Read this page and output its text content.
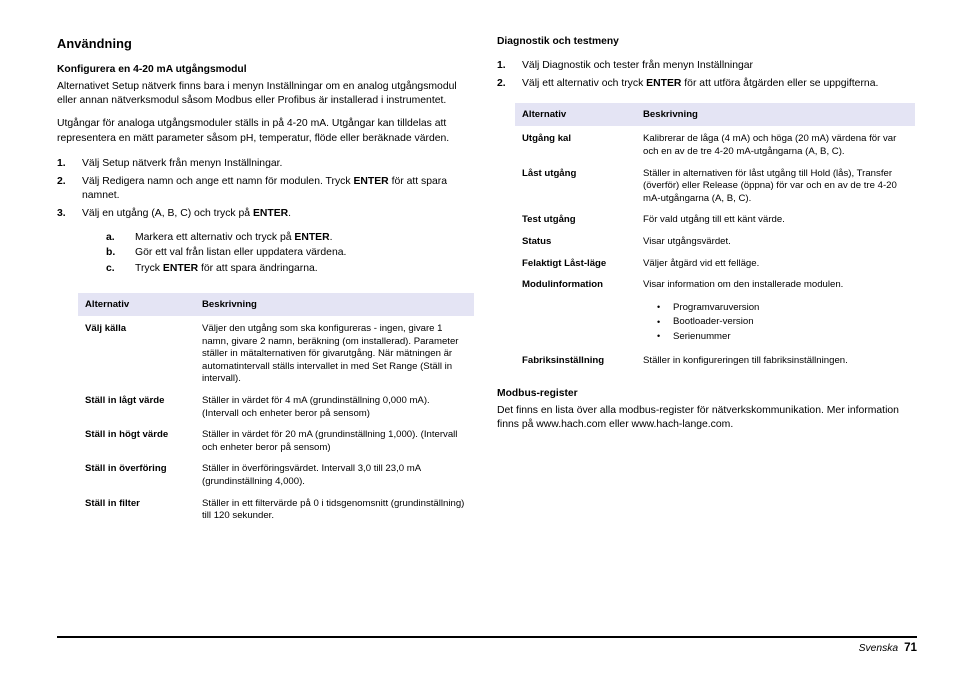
Användning
Konfigurera en 4-20 mA utgångsmodul

Alternativet Setup nätverk finns bara i menyn Inställningar om en analog utgångsmodul eller annan nätverksmodul såsom Modbus eller Profibus är installerad i instrumentet.

Utgångar för analoga utgångsmoduler ställs in på 4-20 mA. Utgångar kan tilldelas att representera en mätt parameter såsom pH, temperatur, flöde eller beräknade värden.

1.	Välj Setup nätverk från menyn Inställningar.
2.	Välj Redigera namn och ange ett namn för modulen. Tryck ENTER för att spara namnet.
3.	Välj en utgång (A, B, C) och tryck på ENTER.
a. Markera ett alternativ och tryck på ENTER.
b. Gör ett val från listan eller uppdatera värdena.
c. Tryck ENTER för att spara ändringarna.
Alternativ	Beskrivning
Välj källa	Väljer den utgång som ska konfigureras - ingen, givare 1 namn, givare 2 namn, beräkning (om installerad). Parameter ställer in mätalternativen för givarutgång. När mätningen är automatintervall ställs intervallet in med Set Range (Ställ in intervall).
Ställ in lågt värde	Ställer in värdet för 4 mA (grundinställning 0,000 mA). (Intervall och enheter beror på sensom)
Ställ in högt värde	Ställer in värdet för 20 mA (grundinställning 1,000). (Intervall och enheter beror på sensom)
Ställ in överföring	Ställer in överföringsvärdet. Intervall 3,0 till 23,0 mA (grundinställning 4,000).
Ställ in filter	Ställer in ett filtervärde på 0 i tidsgenomsnitt (grundinställning) till 120 sekunder.
Diagnostik och testmeny
1.	Välj Diagnostik och tester från menyn Inställningar
2.	Välj ett alternativ och tryck ENTER för att utföra åtgärden eller se uppgifterna.
Alternativ	Beskrivning
Utgång kal	Kalibrerar de låga (4 mA) och höga (20 mA) värdena för var och en av de tre 4-20 mA-utgångarna (A, B, C).
Låst utgång	Ställer in alternativen för låst utgång till Hold (lås), Transfer (överför) eller Release (öppna) för var och en av de tre 4-20 mA-utgångarna (A, B, C).
Test utgång	För vald utgång till ett känt värde.
Status	Visar utgångsvärdet.
Felaktigt Låst-läge	Väljer åtgärd vid ett felläge.
Modulinformation	Visar information om den installerade modulen.
• Programvaruversion
• Bootloader-version
• Serienummer

Fabriksinställning	Ställer in konfigureringen till fabriksinställningen.
Modbus-register

Det finns en lista över alla modbus-register för nätverkskommunikation. Mer information finns på www.hach.com eller www.hach-lange.com.

Svenska 71
